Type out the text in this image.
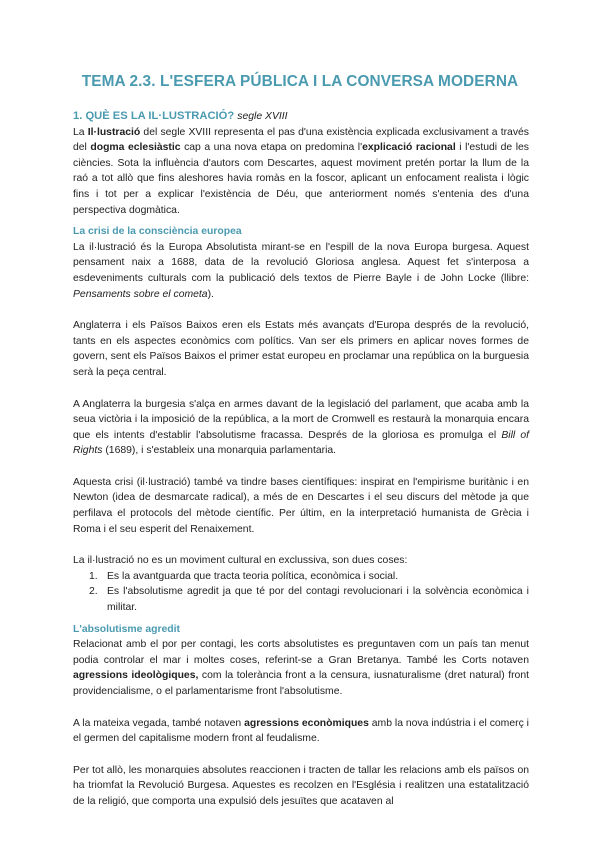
TEMA 2.3. L'ESFERA PÚBLICA I LA CONVERSA MODERNA
1. QUÈ ES LA IL·LUSTRACIÓ? segle XVIII

La Il·lustració del segle XVIII representa el pas d'una existència explicada exclusivament a través del dogma eclesiàstic cap a una nova etapa on predomina l'explicació racional i l'estudi de les ciències. Sota la influència d'autors com Descartes, aquest moviment pretén portar la llum de la raó a tot allò que fins aleshores havia romàs en la foscor, aplicant un enfocament realista i lògic fins i tot per a explicar l'existència de Déu, que anteriorment només s'entenia des d'una perspectiva dogmàtica.

La crisi de la consciència europea

La il·lustració és la Europa Absolutista mirant-se en l'espill de la nova Europa burgesa. Aquest pensament naix a 1688, data de la revolució Gloriosa anglesa. Aquest fet s'interposa a esdeveniments culturals com la publicació dels textos de Pierre Bayle i de John Locke (llibre: Pensaments sobre el cometa).

Anglaterra i els Països Baixos eren els Estats més avançats d'Europa després de la revolució, tants en els aspectes econòmics com polítics. Van ser els primers en aplicar noves formes de govern, sent els Països Baixos el primer estat europeu en proclamar una república on la burguesia serà la peça central.

A Anglaterra la burgesia s'alça en armes davant de la legislació del parlament, que acaba amb la seua victòria i la imposició de la república, a la mort de Cromwell es restaurà la monarquia encara que els intents d'establir l'absolutisme fracassa. Després de la gloriosa es promulga el Bill of Rights (1689), i s'estableix una monarquia parlamentaria.

Aquesta crisi (il·lustració) també va tindre bases científiques: inspirat en l'empirisme buritànic i en Newton (idea de desmarcate radical), a més de en Descartes i el seu discurs del mètode ja que perfilava el protocols del mètode científic. Per últim, en la interpretació humanista de Grècia i Roma i el seu esperit del Renaixement.

La il·lustració no es un moviment cultural en exclussiva, son dues coses:

1. Es la avantguarda que tracta teoria política, econòmica i social.
2. Es l'absolutisme agredit ja que té por del contagi revolucionari i la solvència econòmica i militar.
L'absolutisme agredit

Relacionat amb el por per contagi, les corts absolutistes es preguntaven com un país tan menut podia controlar el mar i moltes coses, referint-se a Gran Bretanya. També les Corts notaven agressions ideològiques, com la tolerància front a la censura, iusnaturalisme (dret natural) front providencialisme, o el parlamentarisme front l'absolutisme.

A la mateixa vegada, també notaven agressions econòmiques amb la nova indústria i el comerç i el germen del capitalisme modern front al feudalisme.

Per tot allò, les monarquies absolutes reaccionen i tracten de tallar les relacions amb els països on ha triomfat la Revolució Burgesa. Aquestes es recolzen en l'Església i realitzen una estatalització de la religió, que comporta una expulsió dels jesuïtes que acataven al
